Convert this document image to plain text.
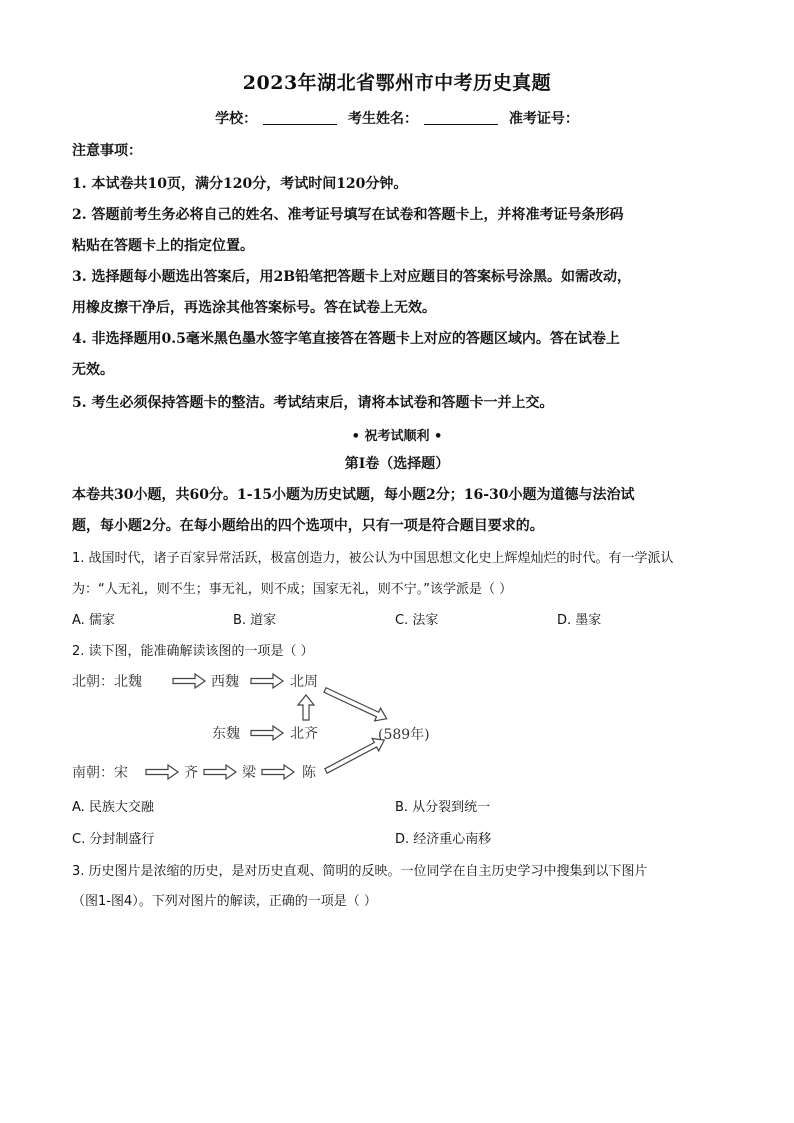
2023年湖北省鄂州市中考历史真题
学校：	考生姓名：	准考证号：
注意事项：
1. 本试卷共10页，满分120分，考试时间120分钟。
2. 答题前考生务必将自己的姓名、准考证号填写在试卷和答题卡上，并将准考证号条形码
粘贴在答题卡上的指定位置。
3. 选择题每小题选出答案后，用2B铅笔把答题卡上对应题目的答案标号涂黑。如需改动，
用橡皮擦干净后，再选涂其他答案标号。答在试卷上无效。
4. 非选择题用0.5毫米黑色墨水签字笔直接答在答题卡上对应的答题区域内。答在试卷上
无效。
5. 考生必须保持答题卡的整洁。考试结束后，请将本试卷和答题卡一并上交。
• 祝考试顺利 •
第Ⅰ卷（选择题）
本卷共30小题，共60分。1-15小题为历史试题，每小题2分；16-30小题为道德与法治试
题，每小题2分。在每小题给出的四个选项中，只有一项是符合题目要求的。
1. 战国时代，诸子百家异常活跃，极富创造力，被公认为中国思想文化史上辉煌灿烂的时代。有一学派认
为：“人无礼，则不生；事无礼，则不成；国家无礼，则不宁。”该学派是（ ）
A. 儒家	B. 道家	C. 法家	D. 墨家
2. 读下图，能准确解读该图的一项是（ ）
北朝：北魏	西魏	北周
东魏	北齐	(589年)
南朝：宋	齐	梁	陈
A. 民族大交融	B. 从分裂到统一
C. 分封制盛行	D. 经济重心南移
3. 历史图片是浓缩的历史，是对历史直观、简明的反映。一位同学在自主历史学习中搜集到以下图片
（图1-图4）。下列对图片的解读，正确的一项是（ ）
